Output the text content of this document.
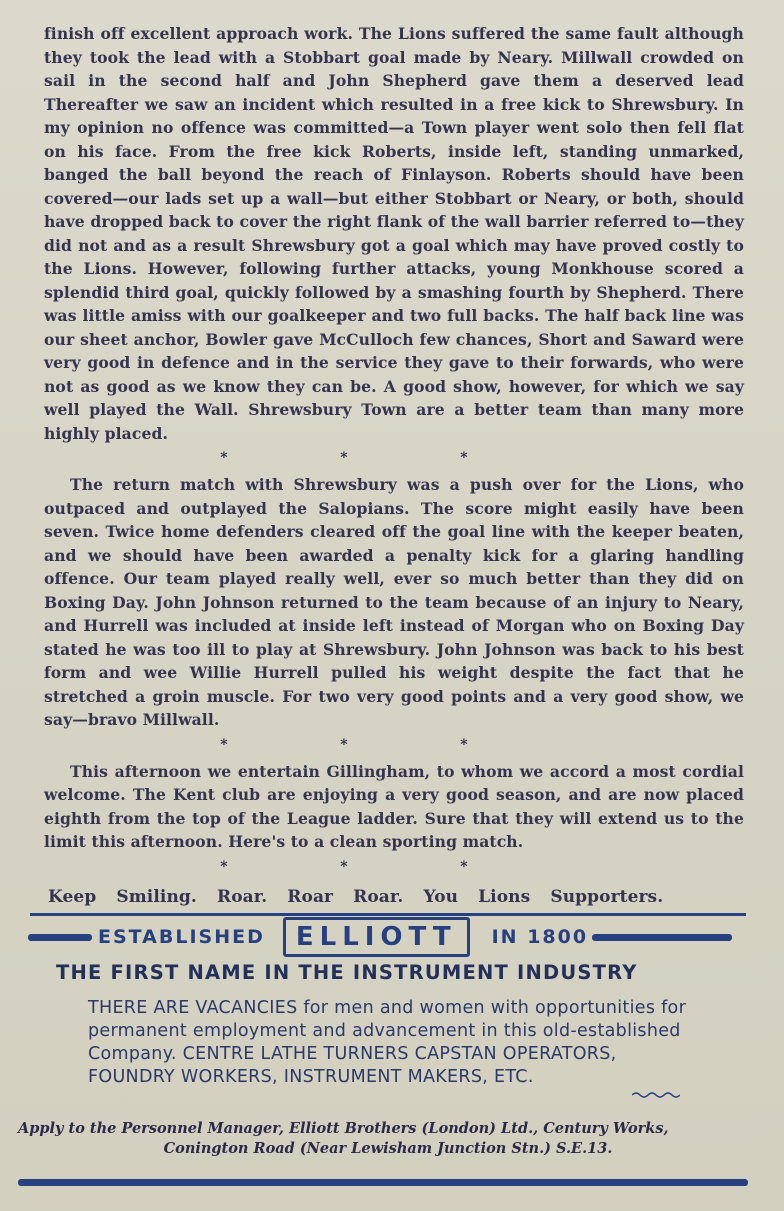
finish off excellent approach work. The Lions suffered the same fault although they took the lead with a Stobbart goal made by Neary. Millwall crowded on sail in the second half and John Shepherd gave them a deserved lead Thereafter we saw an incident which resulted in a free kick to Shrewsbury. In my opinion no offence was committed—a Town player went solo then fell flat on his face. From the free kick Roberts, inside left, standing unmarked, banged the ball beyond the reach of Finlayson. Roberts should have been covered—our lads set up a wall—but either Stobbart or Neary, or both, should have dropped back to cover the right flank of the wall barrier referred to—they did not and as a result Shrewsbury got a goal which may have proved costly to the Lions. However, following further attacks, young Monkhouse scored a splendid third goal, quickly followed by a smashing fourth by Shepherd. There was little amiss with our goalkeeper and two full backs. The half back line was our sheet anchor, Bowler gave McCulloch few chances, Short and Saward were very good in defence and in the service they gave to their forwards, who were not as good as we know they can be. A good show, however, for which we say well played the Wall. Shrewsbury Town are a better team than many more highly placed.

*	*	*

The return match with Shrewsbury was a push over for the Lions, who outpaced and outplayed the Salopians. The score might easily have been seven. Twice home defenders cleared off the goal line with the keeper beaten, and we should have been awarded a penalty kick for a glaring handling offence. Our team played really well, ever so much better than they did on Boxing Day. John Johnson returned to the team because of an injury to Neary, and Hurrell was included at inside left instead of Morgan who on Boxing Day stated he was too ill to play at Shrewsbury. John Johnson was back to his best form and wee Willie Hurrell pulled his weight despite the fact that he stretched a groin muscle. For two very good points and a very good show, we say—bravo Millwall.

*	*	*

This afternoon we entertain Gillingham, to whom we accord a most cordial welcome. The Kent club are enjoying a very good season, and are now placed eighth from the top of the League ladder. Sure that they will extend us to the limit this afternoon. Here's to a clean sporting match.

*	*	*
Keep Smiling. Roar. Roar Roar. You Lions Supporters.
ESTABLISHED	ELLIOTT	IN 1800
THE FIRST NAME IN THE INSTRUMENT INDUSTRY
THERE ARE VACANCIES for men and women with opportunities for permanent employment and advancement in this old-established Company. CENTRE LATHE TURNERS CAPSTAN OPERATORS, FOUNDRY WORKERS, INSTRUMENT MAKERS, ETC.
Apply to the Personnel Manager, Elliott Brothers (London) Ltd., Century Works,
Conington Road (Near Lewisham Junction Stn.) S.E.13.
